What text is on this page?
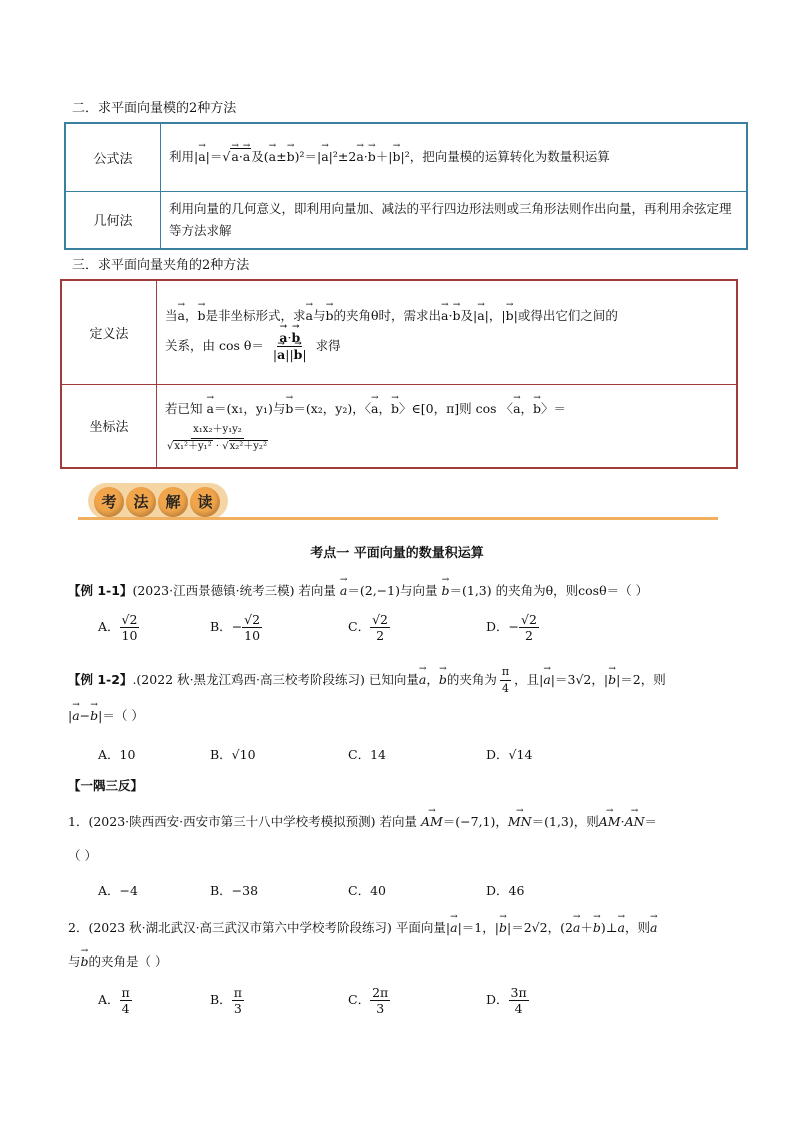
二．求平面向量模的2种方法
公式法	利用|→ a|＝√→ a·→ a及(→ a±→ b)²＝|→ a|²±2→ a·→ b＋|→ b|²，把向量模的运算转化为数量积运算
几何法	利用向量的几何意义，即利用向量加、减法的平行四边形法则或三角形法则作出向量，再利用余弦定理等方法求解
三．求平面向量夹角的2种方法
定义法	当→ a，→ b是非坐标形式，求→ a与→ b的夹角θ时，需求出→ a·→ b及|→ a|，|→ b|或得出它们之间的
关系，由 $\cos \theta= \to \frac{a\cdot\to b}{|\to a||\to b|}$ 求得

坐标法	若已知 → a＝(x₁，y₁)与→ b＝(x₂，y₂)，〈→ a，→ b〉∈[0，π]则 cos 〈→ a，→ b〉＝
$\frac{\text{x₁x₂＋y₁y₂}}{\text{√x₁²＋y₁² · √x₂²＋y₂²}}$
考	法	解	读
考点一 平面向量的数量积运算
【例 1-1】(2023·江西景德镇·统考三模) 若向量 → a＝(2,−1)与向量 → b＝(1,3) 的夹角为θ，则cosθ＝（ ）
A． $\frac{√2}{10}$	B．− $\frac{√2}{10}$	C． $\frac{√2}{2}$	D．− $\frac{√2}{2}$
【例 1-2】.(2022 秋·黑龙江鸡西·高三校考阶段练习) 已知向量→ a，→ b的夹角为 $\frac{\pi}{4}$ ，且|→ a|＝3√2，|→ b|＝2，则
|→ a−→ b|＝（ ）
A．10	B．√10	C．14	D．√14
【一隅三反】
1．(2023·陕西西安·西安市第三十八中学校考模拟预测) 若向量 → AM＝(−7,1)，→ MN＝(1,3)，则→ AM·→ AN＝
（ ）
A．−4	B．−38	C．40	D．46
2．(2023 秋·湖北武汉·高三武汉市第六中学校考阶段练习) 平面向量|→ a|＝1，|→ b|＝2√2，(2→ a＋→ b)⊥→ a，则→ a
与→ b的夹角是（ ）
A． $\frac{\pi}{4}$	B． $\frac{\pi}{3}$	C． $\frac{2\pi}{3}$	D． $\frac{3\pi}{4}$
